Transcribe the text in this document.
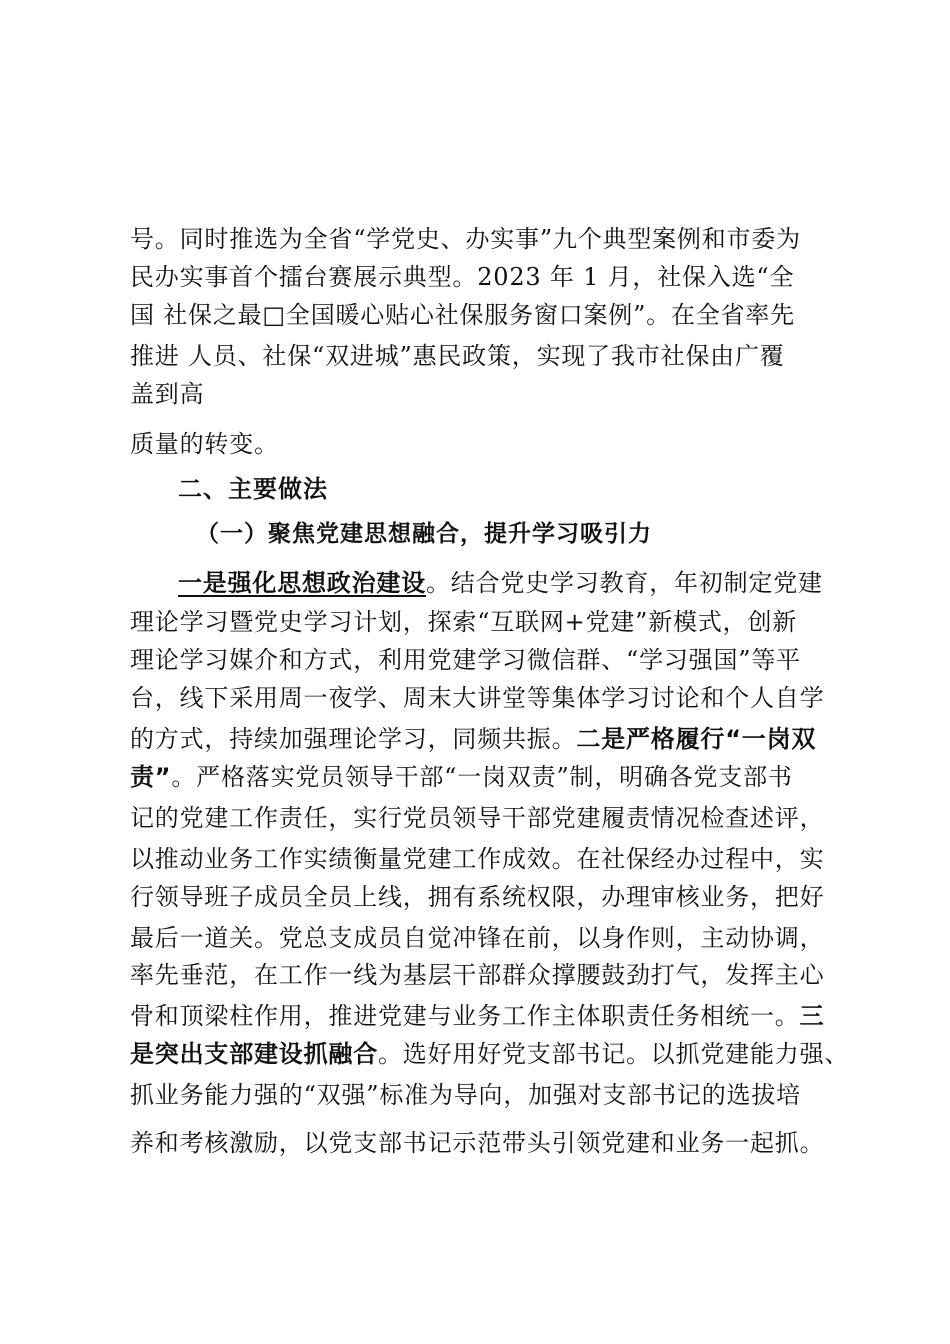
号。同时推选为全省“学党史、办实事”九个典型案例和市委为
民办实事首个擂台赛展示典型。2023 年 1 月，社保入选“全
国 社保之最□全国暖心贴心社保服务窗口案例”。在全省率先
推进 人员、社保“双进城”惠民政策，实现了我市社保由广覆
盖到高
质量的转变。
二、主要做法
（一）聚焦党建思想融合，提升学习吸引力
一是强化思想政治建设。结合党史学习教育，年初制定党建
理论学习暨党史学习计划，探索“互联网+党建”新模式，创新
理论学习媒介和方式，利用党建学习微信群、“学习强国”等平
台，线下采用周一夜学、周末大讲堂等集体学习讨论和个人自学
的方式，持续加强理论学习，同频共振。二是严格履行“一岗双
责”。严格落实党员领导干部“一岗双责”制，明确各党支部书
记的党建工作责任，实行党员领导干部党建履责情况检查述评，
以推动业务工作实绩衡量党建工作成效。在社保经办过程中，实
行领导班子成员全员上线，拥有系统权限，办理审核业务，把好
最后一道关。党总支成员自觉冲锋在前，以身作则，主动协调，
率先垂范，在工作一线为基层干部群众撑腰鼓劲打气，发挥主心
骨和顶梁柱作用，推进党建与业务工作主体职责任务相统一。三
是突出支部建设抓融合。选好用好党支部书记。以抓党建能力强、
抓业务能力强的“双强”标准为导向，加强对支部书记的选拔培
养和考核激励，以党支部书记示范带头引领党建和业务一起抓。
